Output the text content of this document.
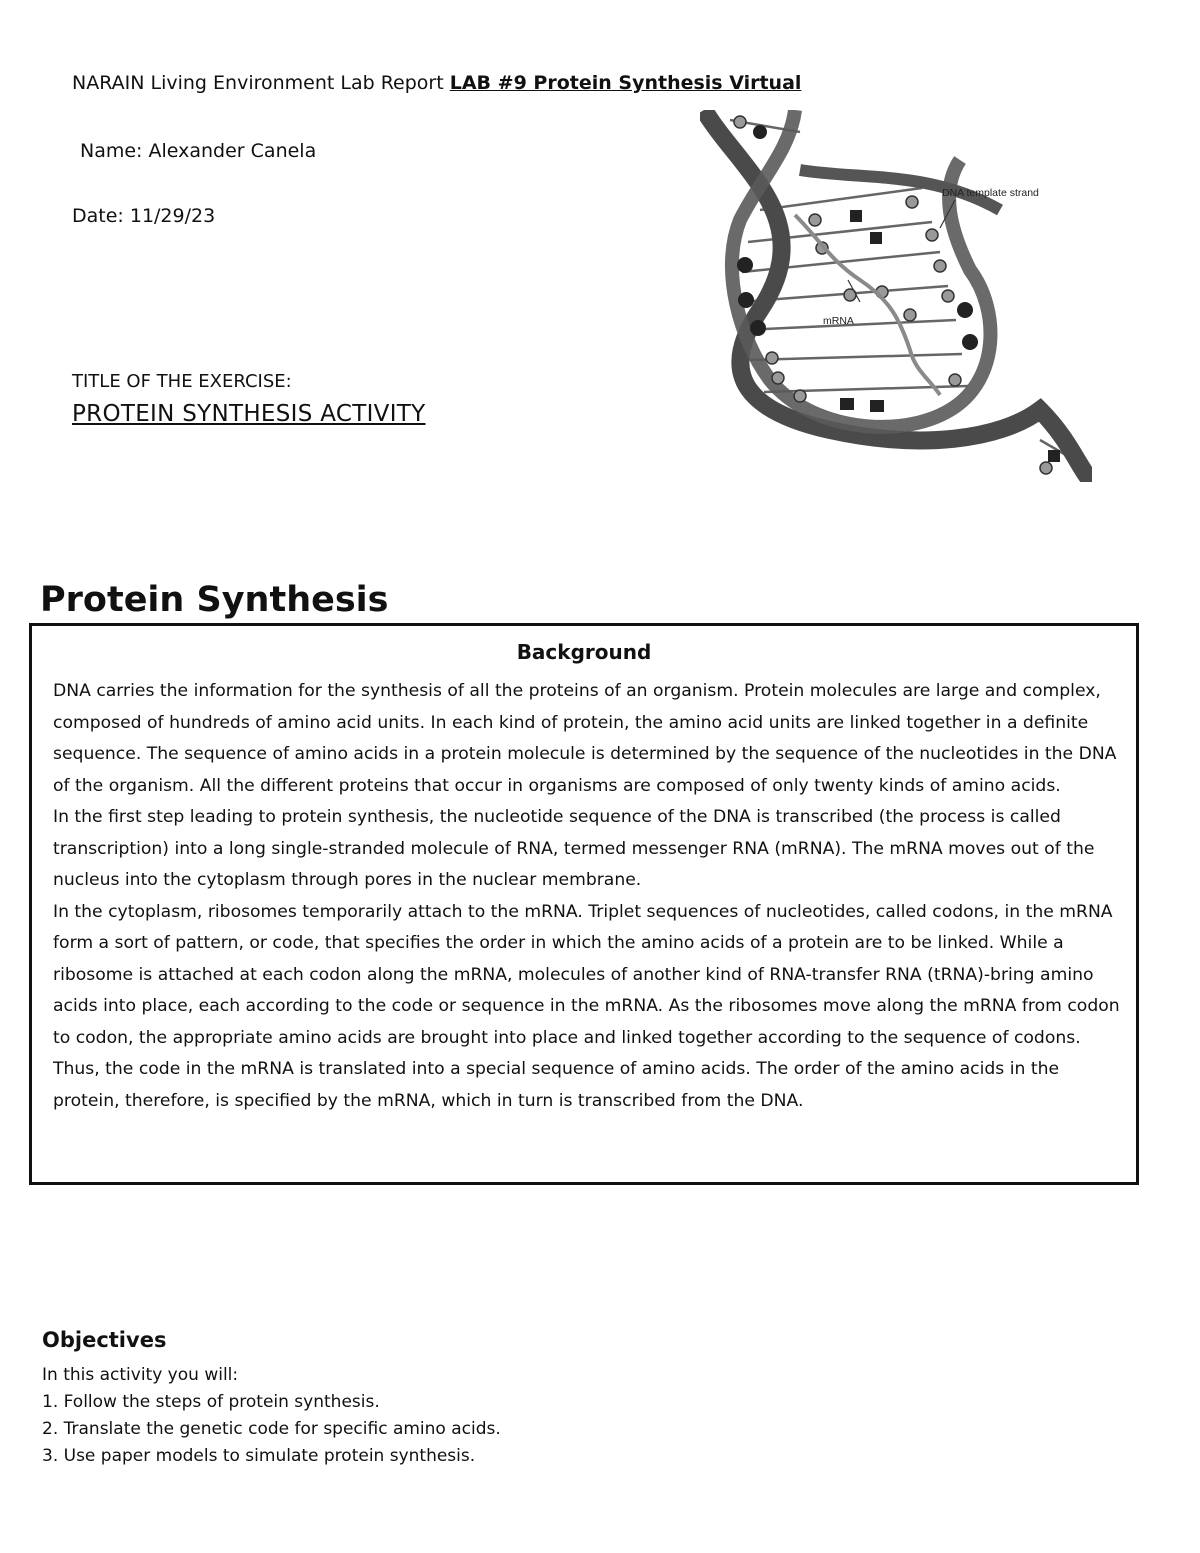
NARAIN Living Environment Lab Report LAB #9 Protein Synthesis Virtual
Name: Alexander Canela
Date: 11/29/23
TITLE OF THE EXERCISE:
PROTEIN SYNTHESIS ACTIVITY
DNA template strand
mRNA
Protein Synthesis
Background

DNA carries the information for the synthesis of all the proteins of an organism. Protein molecules are large and complex, composed of hundreds of amino acid units. In each kind of protein, the amino acid units are linked together in a definite sequence. The sequence of amino acids in a protein molecule is determined by the sequence of the nucleotides in the DNA of the organism. All the different proteins that occur in organisms are composed of only twenty kinds of amino acids.

In the first step leading to protein synthesis, the nucleotide sequence of the DNA is transcribed (the process is called transcription) into a long single-stranded molecule of RNA, termed messenger RNA (mRNA). The mRNA moves out of the nucleus into the cytoplasm through pores in the nuclear membrane.

In the cytoplasm, ribosomes temporarily attach to the mRNA. Triplet sequences of nucleotides, called codons, in the mRNA form a sort of pattern, or code, that specifies the order in which the amino acids of a protein are to be linked. While a ribosome is attached at each codon along the mRNA, molecules of another kind of RNA-transfer RNA (tRNA)-bring amino acids into place, each according to the code or sequence in the mRNA. As the ribosomes move along the mRNA from codon to codon, the appropriate amino acids are brought into place and linked together according to the sequence of codons. Thus, the code in the mRNA is translated into a special sequence of amino acids. The order of the amino acids in the protein, therefore, is specified by the mRNA, which in turn is transcribed from the DNA.

Objectives
In this activity you will:
1. Follow the steps of protein synthesis.
2. Translate the genetic code for specific amino acids.
3. Use paper models to simulate protein synthesis.
